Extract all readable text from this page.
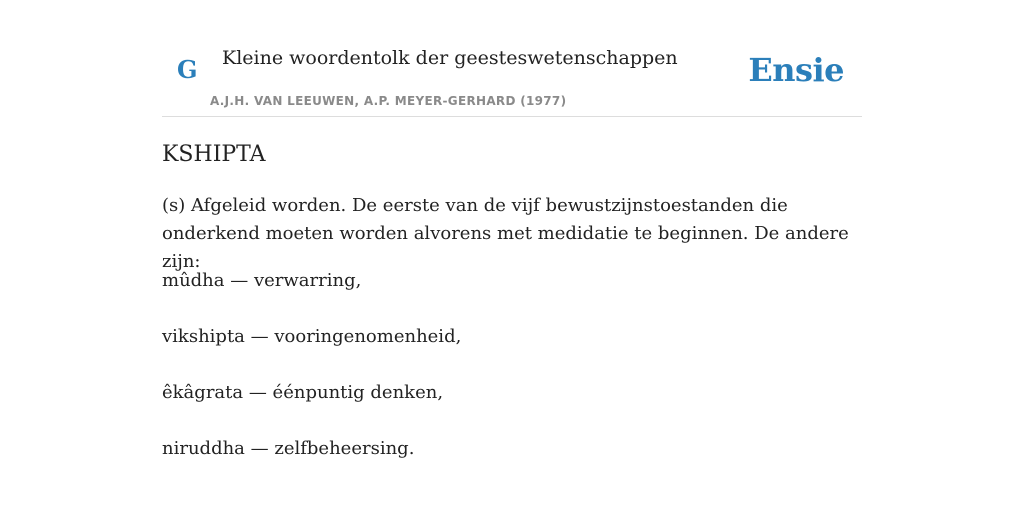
G Kleine woordentolk der geesteswetenschappen
A.J.H. VAN LEEUWEN, A.P. MEYER-GERHARD (1977)
Ensie
KSHIPTA

(s) Afgeleid worden. De eerste van de vijf bewustzijnstoestanden die onderkend moeten worden alvorens met medidatie te beginnen. De andere zijn:

mûdha — verwarring,
vikshipta — vooringenomenheid,
êkâgrata — éénpuntig denken,
niruddha — zelfbeheersing.
